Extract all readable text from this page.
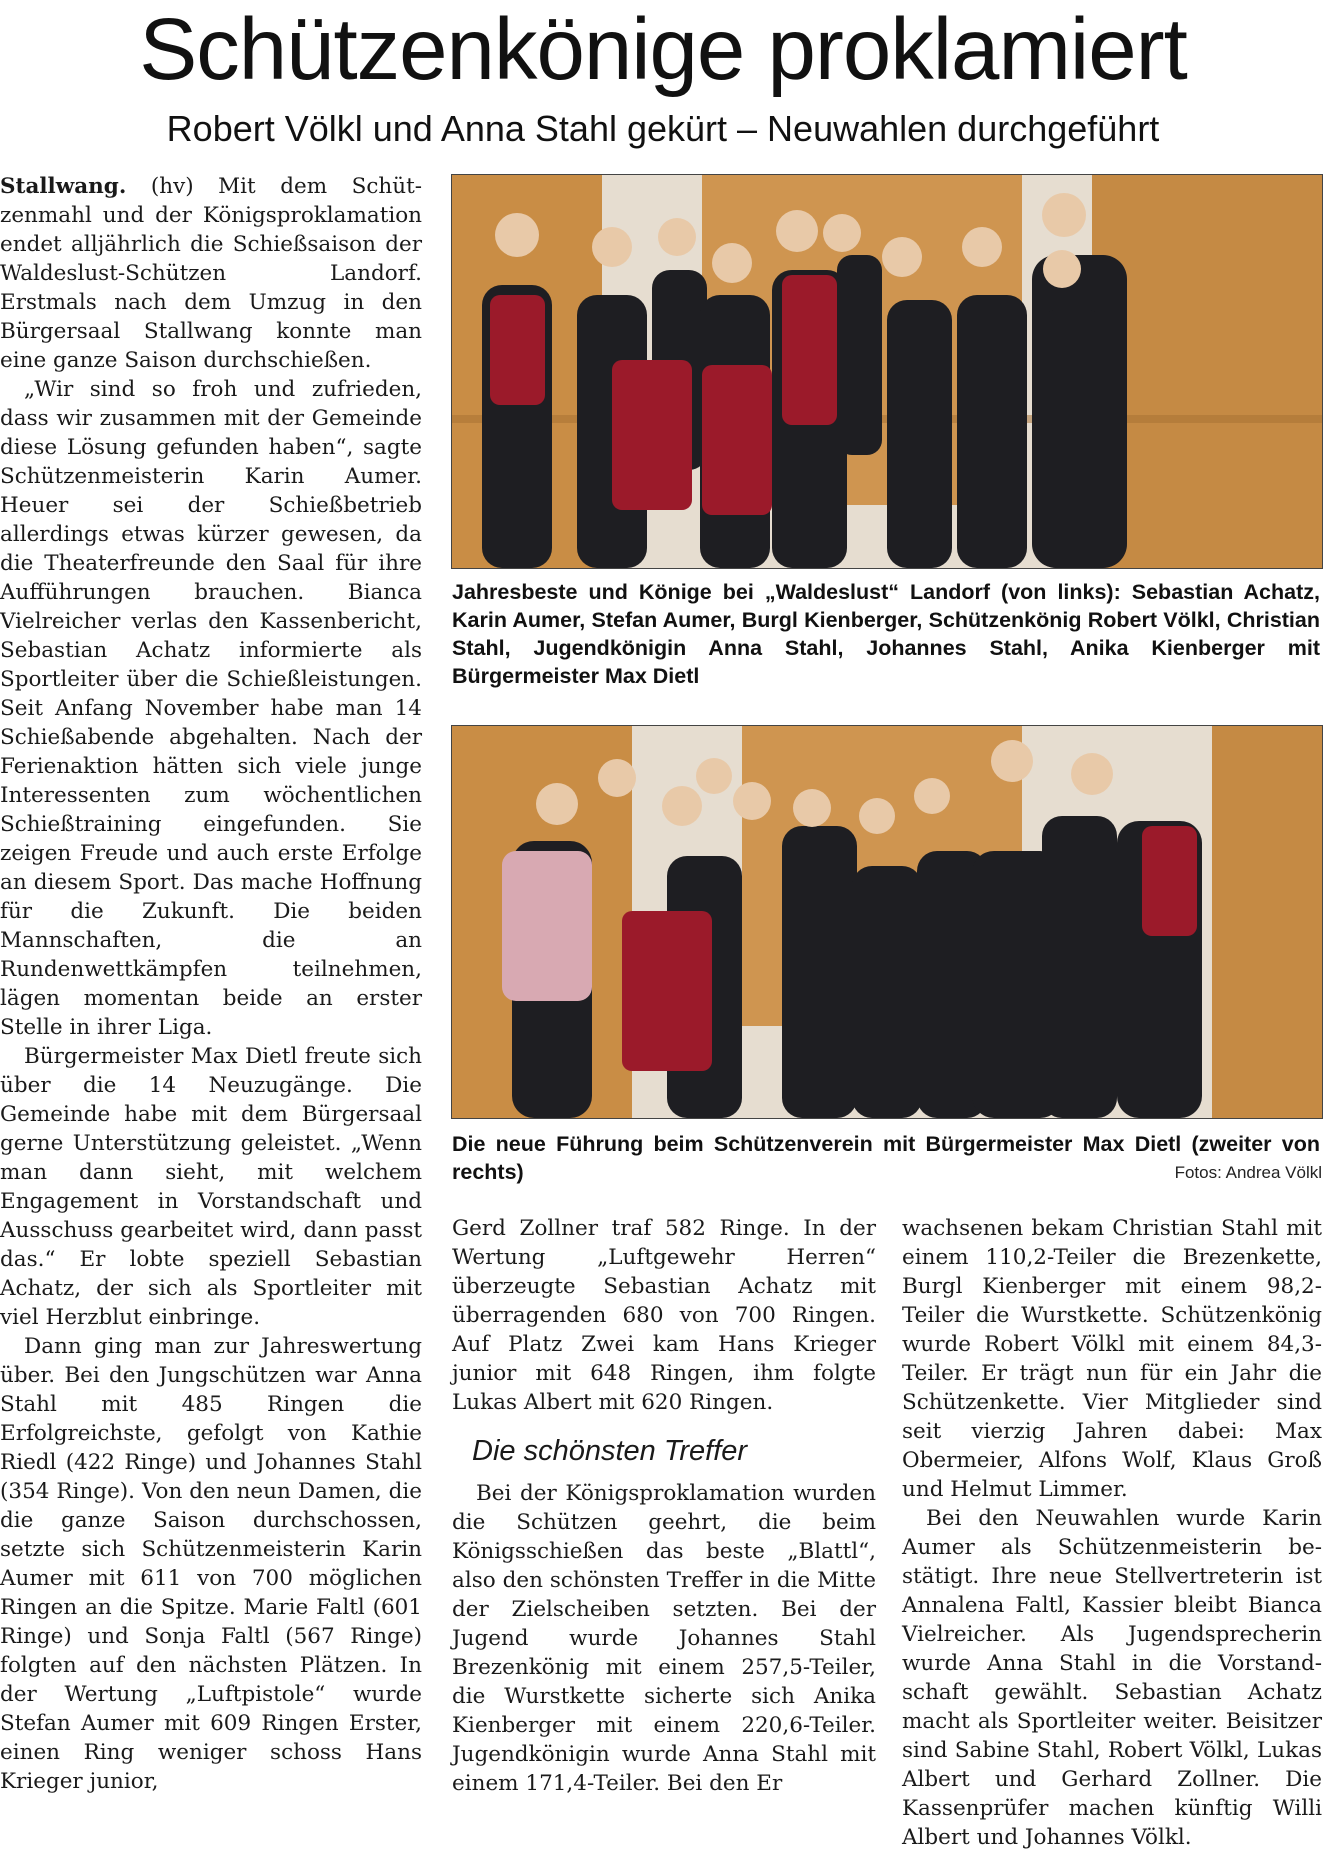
Schützenkönige proklamiert
Robert Völkl und Anna Stahl gekürt – Neuwahlen durchgeführt

Stallwang. (hv) Mit dem Schützenmahl und der Königsproklamation endet alljährlich die Schießsaison der Waldeslust-Schützen Landorf. Erstmals nach dem Umzug in den Bürgersaal Stallwang konnte man eine ganze Saison durchschießen.

„Wir sind so froh und zufrieden, dass wir zusammen mit der Gemeinde diese Lösung gefunden haben“, sagte Schützenmeisterin Karin Aumer. Heuer sei der Schießbetrieb allerdings etwas kürzer gewesen, da die Theaterfreunde den Saal für ihre Aufführungen brauchen. Bianca Vielreicher verlas den Kassenbericht, Sebastian Achatz informierte als Sportleiter über die Schießleistungen. Seit Anfang November habe man 14 Schießabende abgehalten. Nach der Ferienaktion hätten sich viele junge Interessenten zum wöchentlichen Schießtraining eingefunden. Sie zeigen Freude und auch erste Erfolge an diesem Sport. Das mache Hoffnung für die Zukunft. Die beiden Mannschaften, die an Rundenwettkämpfen teilnehmen, lägen momentan beide an erster Stelle in ihrer Liga.

Bürgermeister Max Dietl freute sich über die 14 Neuzugänge. Die Gemeinde habe mit dem Bürgersaal gerne Unterstützung geleistet. „Wenn man dann sieht, mit welchem Engagement in Vorstandschaft und Ausschuss gearbeitet wird, dann passt das.“ Er lobte speziell Sebastian Achatz, der sich als Sportleiter mit viel Herzblut einbringe.

Dann ging man zur Jahreswertung über. Bei den Jungschützen war Anna Stahl mit 485 Ringen die Erfolgreichste, gefolgt von Kathie Riedl (422 Ringe) und Johannes Stahl (354 Ringe). Von den neun Damen, die die ganze Saison durchschossen, setzte sich Schützenmeisterin Karin Aumer mit 611 von 700 möglichen Ringen an die Spitze. Marie Faltl (601 Ringe) und Sonja Faltl (567 Ringe) folgten auf den nächsten Plätzen. In der Wertung „Luftpistole“ wurde Stefan Aumer mit 609 Ringen Erster, einen Ring weniger schoss Hans Krieger junior,

Jahresbeste und Könige bei „Waldeslust“ Landorf (von links): Sebastian Achatz, Karin Aumer, Stefan Aumer, Burgl Kienberger, Schützenkönig Robert Völkl, Christian Stahl, Jugendkönigin Anna Stahl, Johannes Stahl, Anika Kienberger mit Bürgermeister Max Dietl
Die neue Führung beim Schützenverein mit Bürgermeister Max Dietl (zweiter von rechts)	Fotos: Andrea Völkl

Gerd Zollner traf 582 Ringe. In der Wertung „Luftgewehr Herren“ überzeugte Sebastian Achatz mit überragenden 680 von 700 Ringen. Auf Platz Zwei kam Hans Krieger junior mit 648 Ringen, ihm folgte Lukas Albert mit 620 Ringen.

Die schönsten Treffer

Bei der Königsproklamation wurden die Schützen geehrt, die beim Königsschießen das beste „Blattl“, also den schönsten Treffer in die Mitte der Zielscheiben setzten. Bei der Jugend wurde Johannes Stahl Brezenkönig mit einem 257,5-Teiler, die Wurstkette sicherte sich Anika Kienberger mit einem 220,6-Teiler. Jugendkönigin wurde Anna Stahl mit einem 171,4-Teiler. Bei den Er

wachsenen bekam Christian Stahl mit einem 110,2-Teiler die Brezenkette, Burgl Kienberger mit einem 98,2-Teiler die Wurstkette. Schützenkönig wurde Robert Völkl mit einem 84,3-Teiler. Er trägt nun für ein Jahr die Schützenkette. Vier Mitglieder sind seit vierzig Jahren dabei: Max Obermeier, Alfons Wolf, Klaus Groß und Helmut Limmer.

Bei den Neuwahlen wurde Karin Aumer als Schützenmeisterin bestätigt. Ihre neue Stellvertreterin ist Annalena Faltl, Kassier bleibt Bianca Vielreicher. Als Jugendsprecherin wurde Anna Stahl in die Vorstandschaft gewählt. Sebastian Achatz macht als Sportleiter weiter. Beisitzer sind Sabine Stahl, Robert Völkl, Lukas Albert und Gerhard Zollner. Die Kassenprüfer machen künftig Willi Albert und Johannes Völkl.
